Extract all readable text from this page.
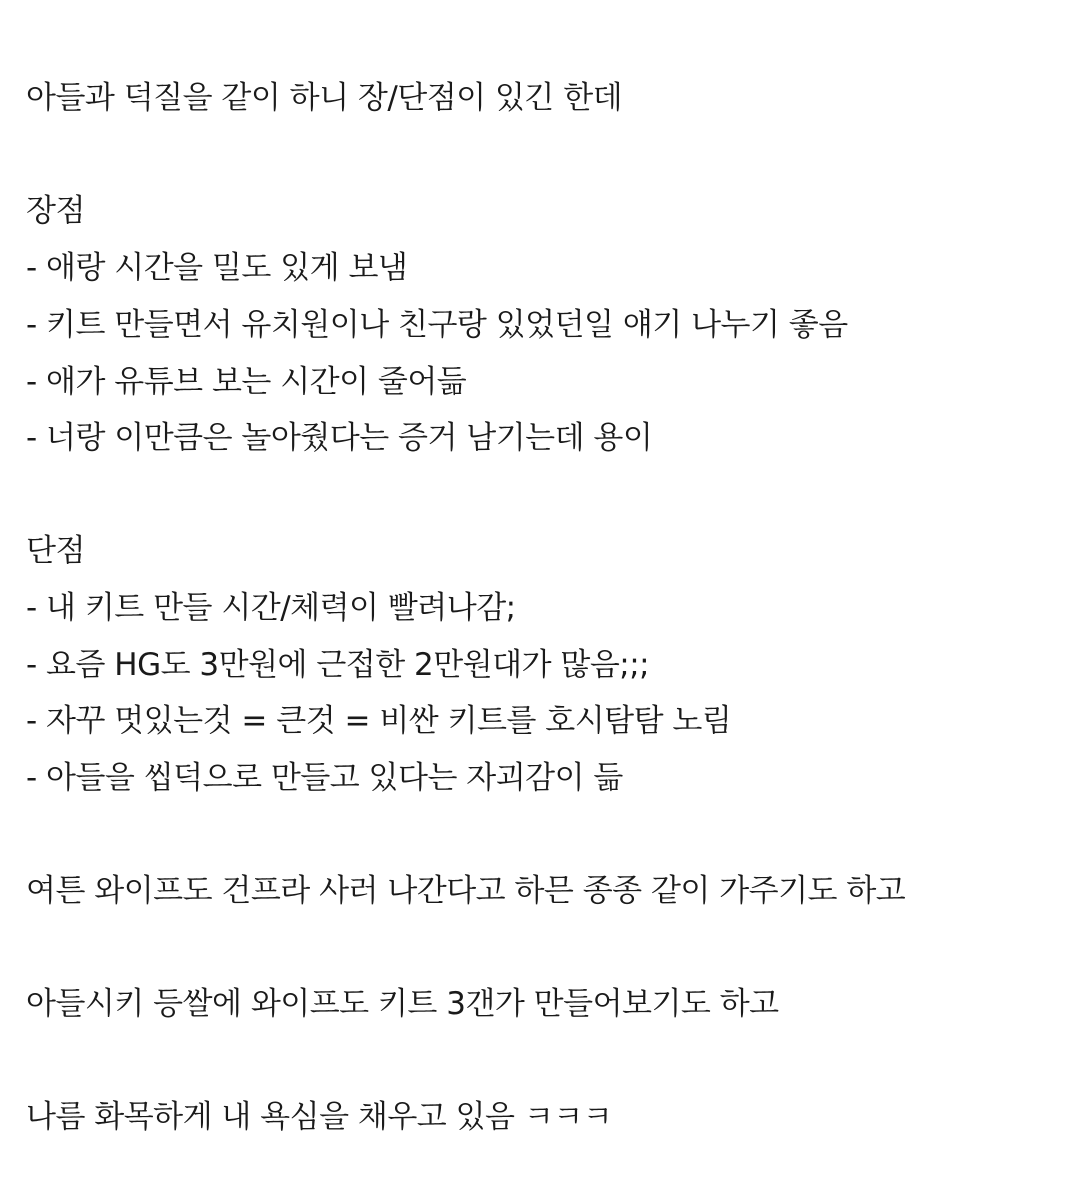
아들과 덕질을 같이 하니 장/단점이 있긴 한데
장점
- 애랑 시간을 밀도 있게 보냄
- 키트 만들면서 유치원이나 친구랑 있었던일 얘기 나누기 좋음
- 애가 유튜브 보는 시간이 줄어듦
- 너랑 이만큼은 놀아줬다는 증거 남기는데 용이
단점
- 내 키트 만들 시간/체력이 빨려나감;
- 요즘 HG도 3만원에 근접한 2만원대가 많음;;;
- 자꾸 멋있는것 = 큰것 = 비싼 키트를 호시탐탐 노림
- 아들을 씹덕으로 만들고 있다는 자괴감이 듦
여튼 와이프도 건프라 사러 나간다고 하믄 종종 같이 가주기도 하고
아들시키 등쌀에 와이프도 키트 3갠가 만들어보기도 하고
나름 화목하게 내 욕심을 채우고 있음 ㅋㅋㅋ
